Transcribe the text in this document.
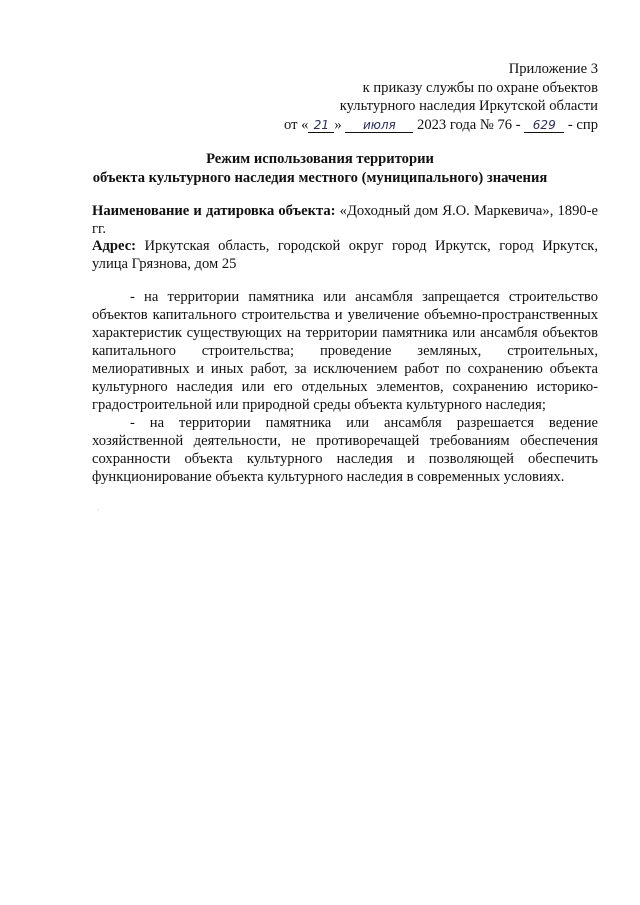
Приложение 3
к приказу службы по охране объектов
культурного наследия Иркутской области
от « 21 » июля 2023 года № 76 - 629 - спр
Режим использования территории
объекта культурного наследия местного (муниципального) значения
Наименование и датировка объекта: «Доходный дом Я.О. Маркевича», 1890-е гг.
Адрес: Иркутская область, городской округ город Иркутск, город Иркутск, улица Грязнова, дом 25

- на территории памятника или ансамбля запрещается строительство объектов капитального строительства и увеличение объемно-пространственных характеристик существующих на территории памятника или ансамбля объектов капитального строительства; проведение земляных, строительных, мелиоративных и иных работ, за исключением работ по сохранению объекта культурного наследия или его отдельных элементов, сохранению историко-градостроительной или природной среды объекта культурного наследия;

- на территории памятника или ансамбля разрешается ведение хозяйственной деятельности, не противоречащей требованиям обеспечения сохранности объекта культурного наследия и позволяющей обеспечить функционирование объекта культурного наследия в современных условиях.

·
